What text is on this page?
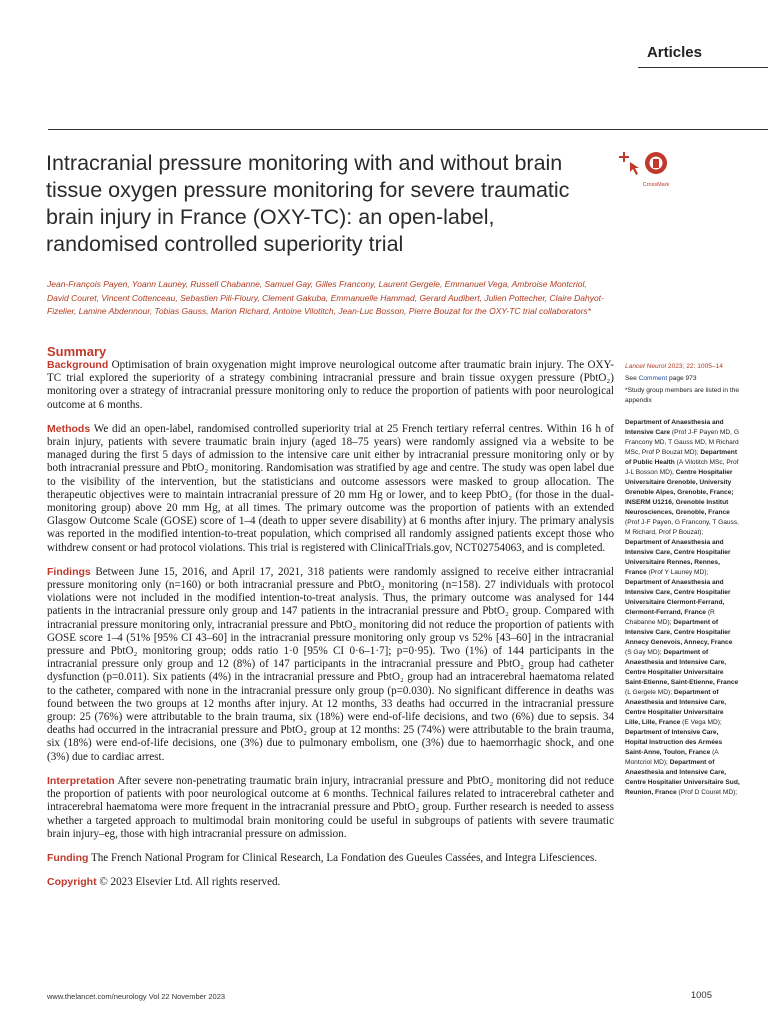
Articles
Intracranial pressure monitoring with and without brain tissue oxygen pressure monitoring for severe traumatic brain injury in France (OXY-TC): an open-label, randomised controlled superiority trial
CrossMark
Jean-François Payen, Yoann Launey, Russell Chabanne, Samuel Gay, Gilles Francony, Laurent Gergele, Emmanuel Vega, Ambroise Montcriol, David Couret, Vincent Cottenceau, Sebastien Pili-Floury, Clement Gakuba, Emmanuelle Hammad, Gerard Audibert, Julien Pottecher, Claire Dahyot-Fizelier, Lamine Abdennour, Tobias Gauss, Marion Richard, Antoine Vilotitch, Jean-Luc Bosson, Pierre Bouzat for the OXY-TC trial collaborators*
Summary

Background Optimisation of brain oxygenation might improve neurological outcome after traumatic brain injury. The OXY-TC trial explored the superiority of a strategy combining intracranial pressure and brain tissue oxygen pressure (PbtO₂) monitoring over a strategy of intracranial pressure monitoring only to reduce the proportion of patients with poor neurological outcome at 6 months.

Methods We did an open-label, randomised controlled superiority trial at 25 French tertiary referral centres. Within 16 h of brain injury, patients with severe traumatic brain injury (aged 18–75 years) were randomly assigned via a website to be managed during the first 5 days of admission to the intensive care unit either by intracranial pressure monitoring only or by both intracranial pressure and PbtO₂ monitoring. Randomisation was stratified by age and centre. The study was open label due to the visibility of the intervention, but the statisticians and outcome assessors were masked to group allocation. The therapeutic objectives were to maintain intracranial pressure of 20 mm Hg or lower, and to keep PbtO₂ (for those in the dual-monitoring group) above 20 mm Hg, at all times. The primary outcome was the proportion of patients with an extended Glasgow Outcome Scale (GOSE) score of 1–4 (death to upper severe disability) at 6 months after injury. The primary analysis was reported in the modified intention-to-treat population, which comprised all randomly assigned patients except those who withdrew consent or had protocol violations. This trial is registered with ClinicalTrials.gov, NCT02754063, and is completed.

Findings Between June 15, 2016, and April 17, 2021, 318 patients were randomly assigned to receive either intracranial pressure monitoring only (n=160) or both intracranial pressure and PbtO₂ monitoring (n=158). 27 individuals with protocol violations were not included in the modified intention-to-treat analysis. Thus, the primary outcome was analysed for 144 patients in the intracranial pressure only group and 147 patients in the intracranial pressure and PbtO₂ group. Compared with intracranial pressure monitoring only, intracranial pressure and PbtO₂ monitoring did not reduce the proportion of patients with GOSE score 1–4 (51% [95% CI 43–60] in the intracranial pressure monitoring only group vs 52% [43–60] in the intracranial pressure and PbtO₂ monitoring group; odds ratio 1·0 [95% CI 0·6–1·7]; p=0·95). Two (1%) of 144 participants in the intracranial pressure only group and 12 (8%) of 147 participants in the intracranial pressure and PbtO₂ group had catheter dysfunction (p=0.011). Six patients (4%) in the intracranial pressure and PbtO₂ group had an intracerebral haematoma related to the catheter, compared with none in the intracranial pressure only group (p=0.030). No significant difference in deaths was found between the two groups at 12 months after injury. At 12 months, 33 deaths had occurred in the intracranial pressure group: 25 (76%) were attributable to the brain trauma, six (18%) were end-of-life decisions, and two (6%) due to sepsis. 34 deaths had occurred in the intracranial pressure and PbtO₂ group at 12 months: 25 (74%) were attributable to the brain trauma, six (18%) were end-of-life decisions, one (3%) due to pulmonary embolism, one (3%) due to haemorrhagic shock, and one (3%) due to cardiac arrest.

Interpretation After severe non-penetrating traumatic brain injury, intracranial pressure and PbtO₂ monitoring did not reduce the proportion of patients with poor neurological outcome at 6 months. Technical failures related to intracerebral catheter and intracerebral haematoma were more frequent in the intracranial pressure and PbtO₂ group. Further research is needed to assess whether a targeted approach to multimodal brain monitoring could be useful in subgroups of patients with severe traumatic brain injury–eg, those with high intracranial pressure on admission.

Funding The French National Program for Clinical Research, La Fondation des Gueules Cassées, and Integra Lifesciences.

Copyright © 2023 Elsevier Ltd. All rights reserved.

Lancet Neurol 2023; 22: 1005–14
See Comment page 973
*Study group members are listed in the appendix
Department of Anaesthesia and Intensive Care (Prof J-F Payen MD, G Francony MD, T Gauss MD, M Richard MSc, Prof P Bouzat MD); Department of Public Health (A Vilotitch MSc, Prof J-L Bosson MD), Centre Hospitalier Universitaire Grenoble, University Grenoble Alpes, Grenoble, France; INSERM U1216, Grenoble Institut Neurosciences, Grenoble, France (Prof J-F Payen, G Francony, T Gauss, M Richard, Prof P Bouzat); Department of Anaesthesia and Intensive Care, Centre Hospitalier Universitaire Rennes, Rennes, France (Prof Y Launey MD); Department of Anaesthesia and Intensive Care, Centre Hospitalier Universitaire Clermont-Ferrand, Clermont-Ferrand, France (R Chabanne MD); Department of Intensive Care, Centre Hospitalier Annecy Genevois, Annecy, France (S Gay MD); Department of Anaesthesia and Intensive Care, Centre Hospitalier Universitaire Saint-Etienne, Saint-Etienne, France (L Gergele MD); Department of Anaesthesia and Intensive Care, Centre Hospitalier Universitaire Lille, Lille, France (E Vega MD); Department of Intensive Care, Hopital Instruction des Armées Saint-Anne, Toulon, France (A Montcriol MD); Department of Anaesthesia and Intensive Care, Centre Hospitalier Universitaire Sud, Reunion, France (Prof D Couret MD);
www.thelancet.com/neurology Vol 22 November 2023	1005
